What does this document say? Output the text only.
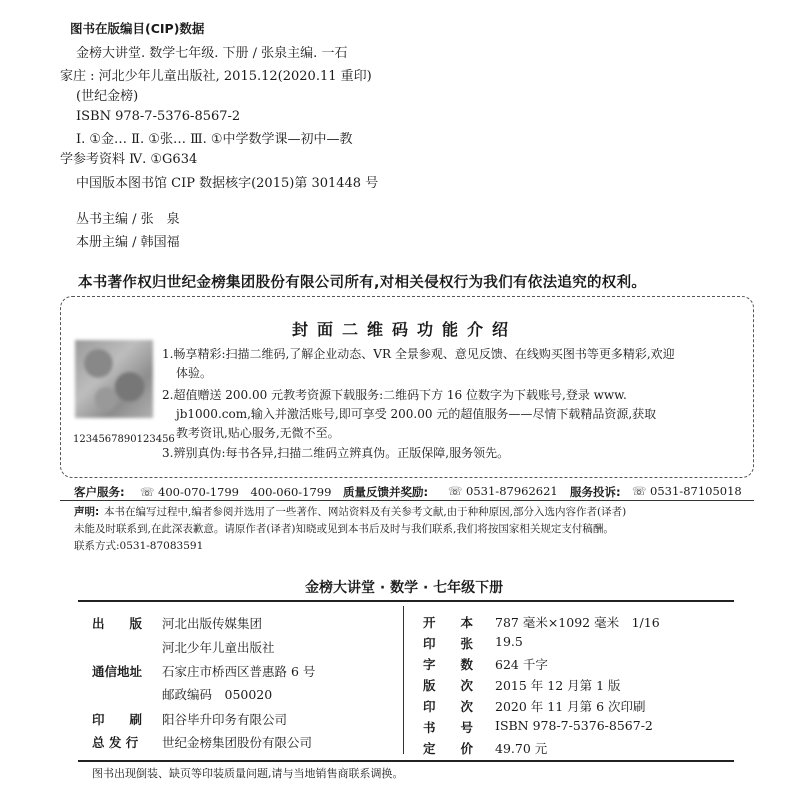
图书在版编目(CIP)数据
金榜大讲堂. 数学七年级. 下册 / 张泉主编. 一石
家庄 : 河北少年儿童出版社, 2015.12(2020.11 重印)
(世纪金榜)
ISBN 978-7-5376-8567-2
Ⅰ. ①金… Ⅱ. ①张… Ⅲ. ①中学数学课—初中—教
学参考资料 Ⅳ. ①G634
中国版本图书馆 CIP 数据核字(2015)第 301448 号
丛书主编 / 张　泉
本册主编 / 韩国福
本书著作权归世纪金榜集团股份有限公司所有,对相关侵权行为我们有依法追究的权利。
封面二维码功能介绍
1234567890123456
1.畅享精彩:扫描二维码,了解企业动态、VR 全景参观、意见反馈、在线购买图书等更多精彩,欢迎
体验。
2.超值赠送 200.00 元教考资源下载服务:二维码下方 16 位数字为下载账号,登录 www.
jb1000.com,输入并激活账号,即可享受 200.00 元的超值服务——尽情下载精品资源,获取
教考资讯,贴心服务,无微不至。
3.辨别真伪:每书各异,扫描二维码立辨真伪。正版保障,服务领先。
客户服务: ☏ 400-070-1799　400-060-1799 质量反馈并奖励: ☏ 0531-87962621 服务投诉: ☏ 0531-87105018
声明: 本书在编写过程中,编者参阅并选用了一些著作、网站资料及有关参考文献,由于种种原因,部分入选内容作者(译者)
未能及时联系到,在此深表歉意。请原作者(译者)知晓或见到本书后及时与我们联系,我们将按国家相关规定支付稿酬。
联系方式:0531-87083591
金榜大讲堂 · 数学 · 七年级下册
出　　版 河北出版传媒集团
河北少年儿童出版社
通信地址 石家庄市桥西区普惠路 6 号
邮政编码　050020
印　　刷 阳谷毕升印务有限公司
总 发 行 世纪金榜集团股份有限公司
开　　本 787 毫米×1092 毫米　1/16
印　　张 19.5
字　　数 624 千字
版　　次 2015 年 12 月第 1 版
印　　次 2020 年 11 月第 6 次印刷
书　　号 ISBN 978-7-5376-8567-2
定　　价 49.70 元
图书出现倒装、缺页等印装质量问题,请与当地销售商联系调换。
